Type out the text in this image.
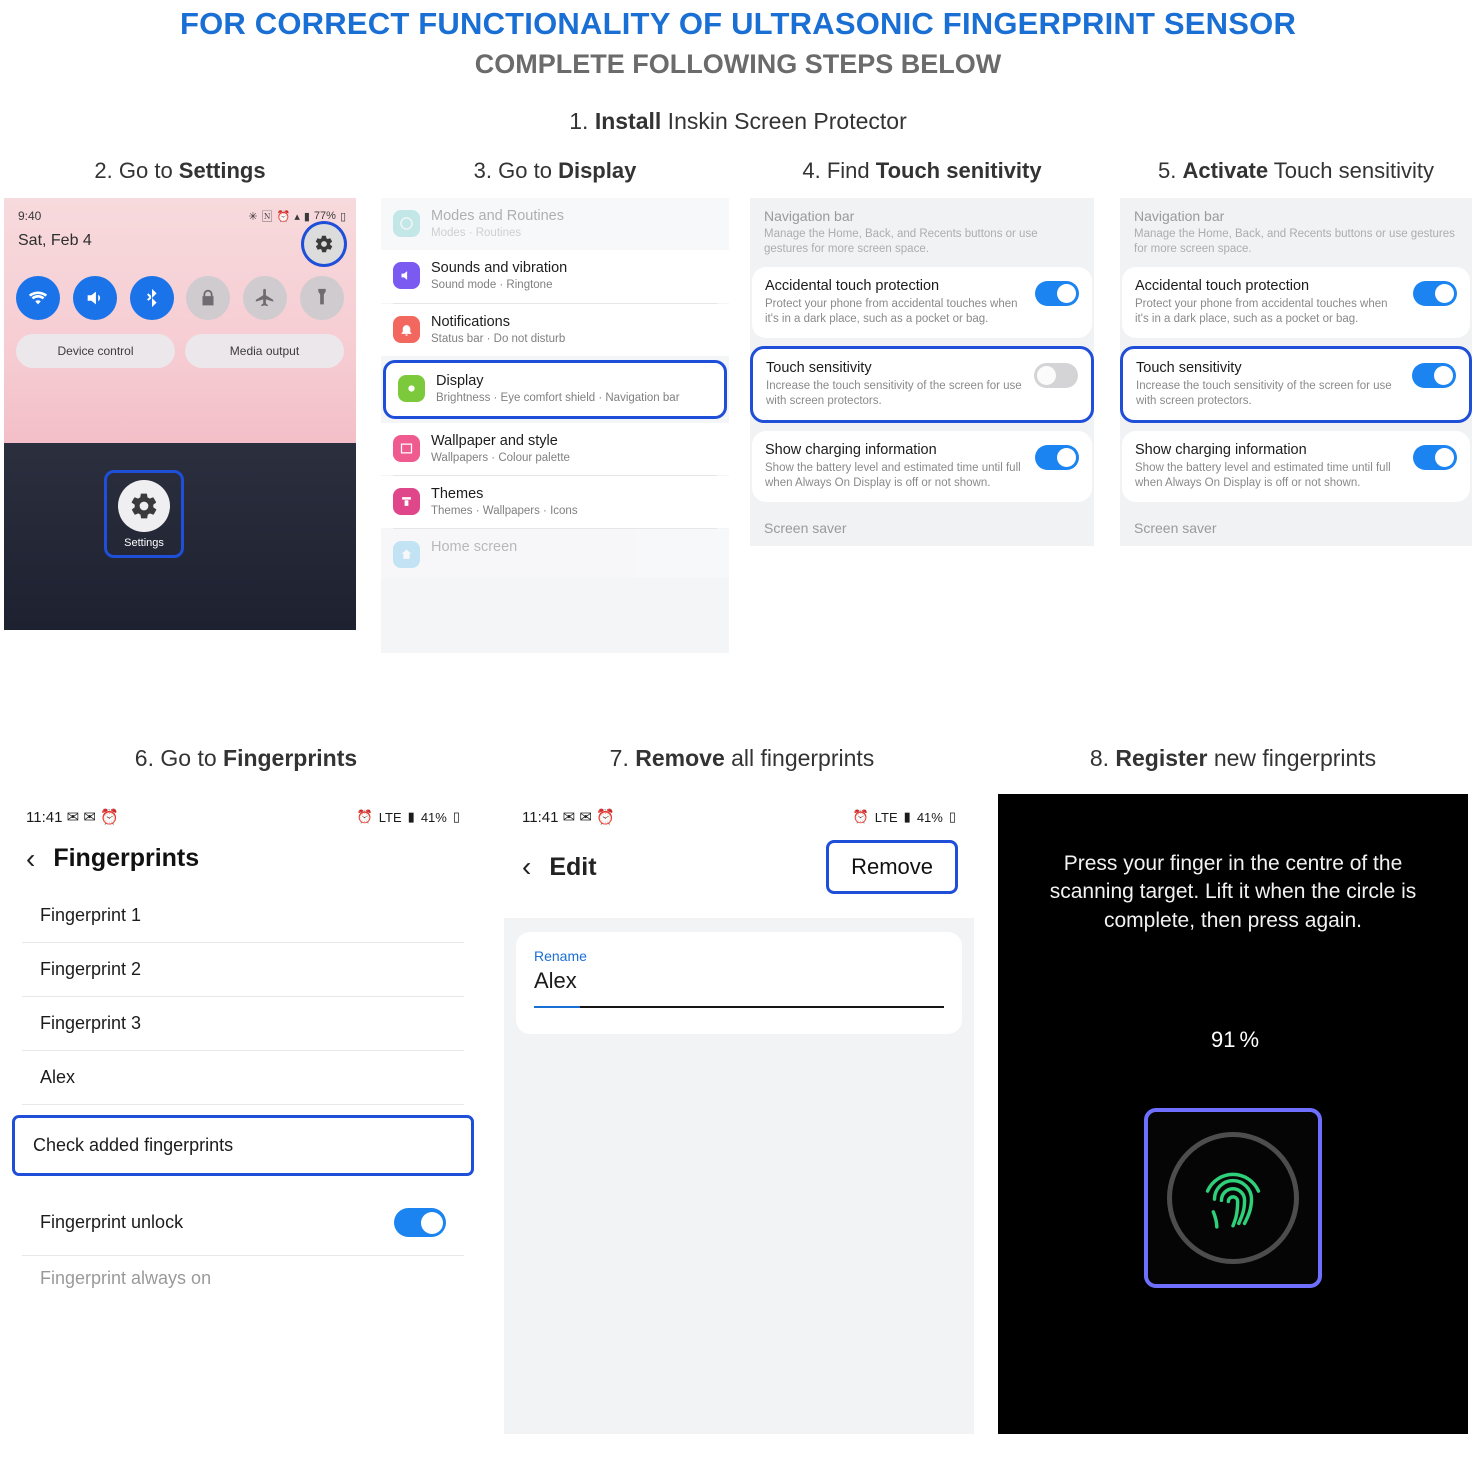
FOR CORRECT FUNCTIONALITY OF ULTRASONIC FINGERPRINT SENSOR
COMPLETE FOLLOWING STEPS BELOW
1. Install Inskin Screen Protector
2. Go to Settings
9:40	✳ 🄽 ⏰ ▴ ▮ 77% ▯
Sat, Feb 4
Device control	Media output
Settings
3. Go to Display
Modes and Routines
Modes · Routines
Sounds and vibration
Sound mode · Ringtone
Notifications
Status bar · Do not disturb
Display
Brightness · Eye comfort shield · Navigation bar
Wallpaper and style
Wallpapers · Colour palette
Themes
Themes · Wallpapers · Icons
Home screen
4. Find Touch senitivity
Navigation bar
Manage the Home, Back, and Recents buttons or use gestures for more screen space.
Accidental touch protection
Protect your phone from accidental touches when it's in a dark place, such as a pocket or bag.
Touch sensitivity
Increase the touch sensitivity of the screen for use with screen protectors.
Show charging information
Show the battery level and estimated time until full when Always On Display is off or not shown.
Screen saver
5. Activate Touch sensitivity
Navigation bar
Manage the Home, Back, and Recents buttons or use gestures for more screen space.
Accidental touch protection
Protect your phone from accidental touches when it's in a dark place, such as a pocket or bag.
Touch sensitivity
Increase the touch sensitivity of the screen for use with screen protectors.
Show charging information
Show the battery level and estimated time until full when Always On Display is off or not shown.
Screen saver
6. Go to Fingerprints
11:41 ✉ ✉ ⏰	⏰ LTE ▮ 41% ▯
‹ Fingerprints
Fingerprint 1
Fingerprint 2
Fingerprint 3
Alex
Check added fingerprints
Fingerprint unlock
Fingerprint always on
7. Remove all fingerprints
11:41 ✉ ✉ ⏰	⏰ LTE ▮ 41% ▯
‹ Edit	Remove
Rename
Alex
8. Register new fingerprints
Press your finger in the centre of the scanning target. Lift it when the circle is complete, then press again.
91 %
